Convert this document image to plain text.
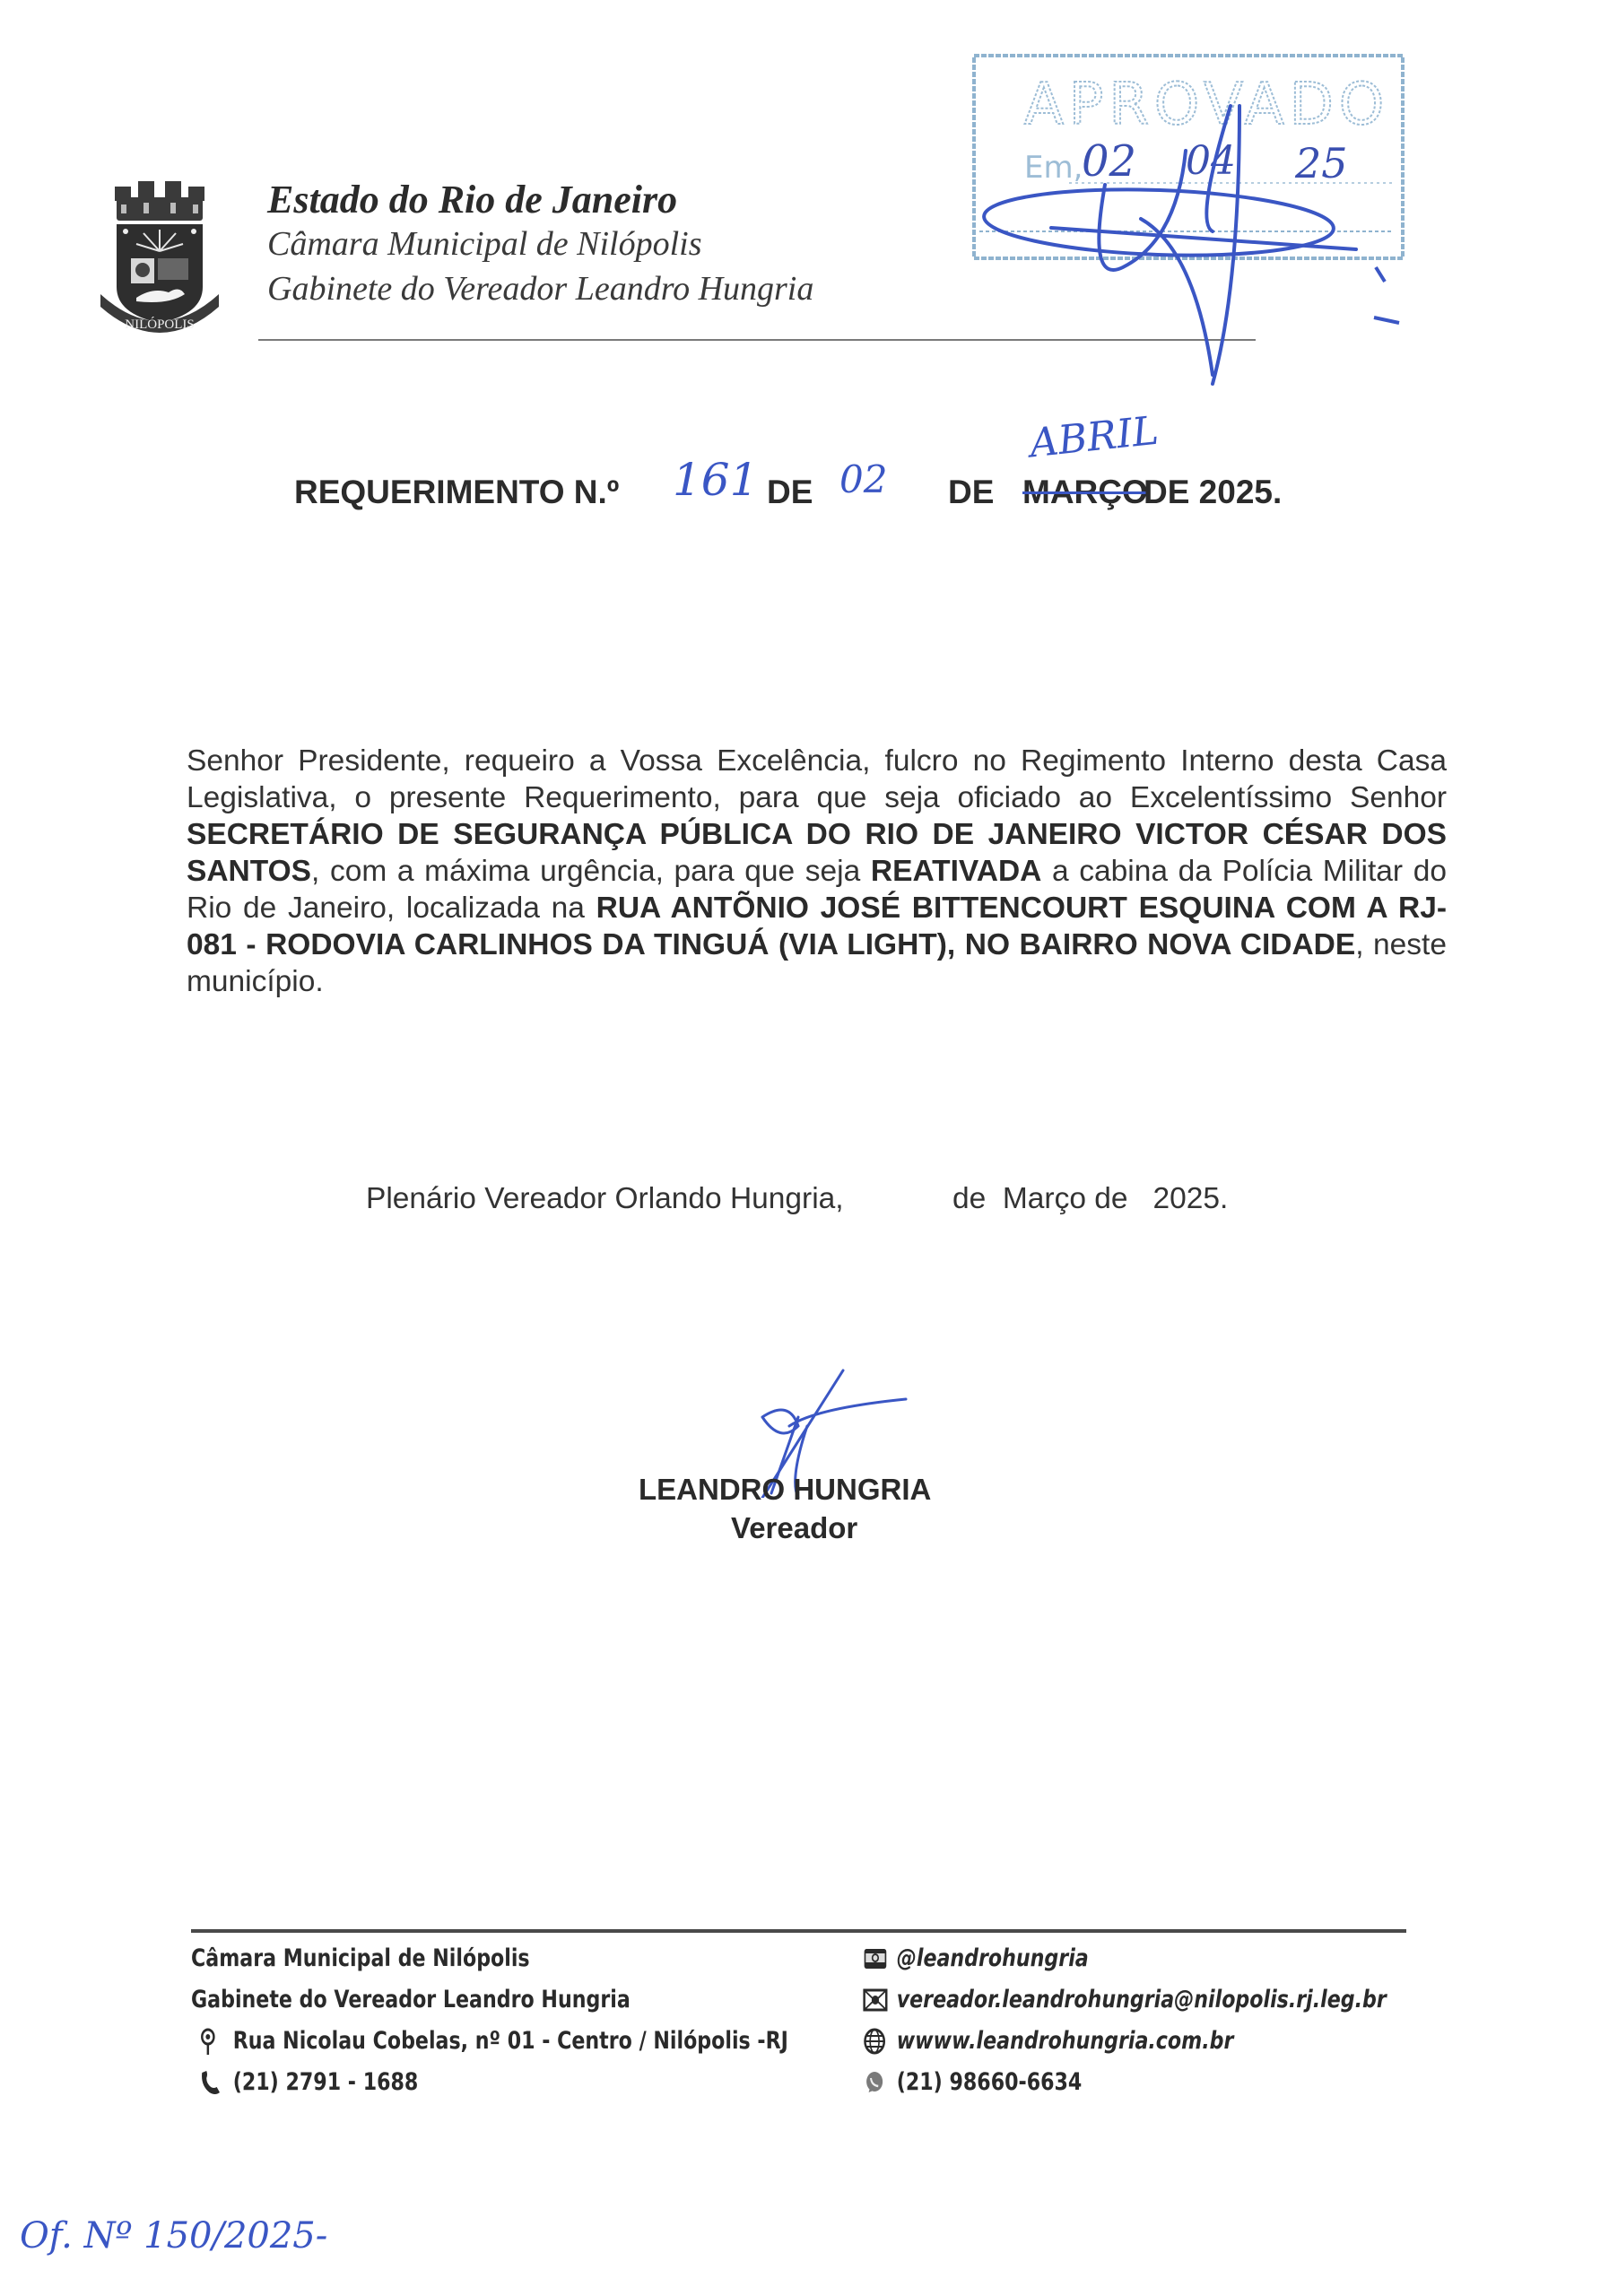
NILÓPOLIS
Estado do Rio de Janeiro
Câmara Municipal de Nilópolis
Gabinete do Vereador Leandro Hungria
APROVADO
Em,
02 04 25
REQUERIMENTO N.º 161 DE 02 DE MARÇO
ABRIL
DE 2025.
Senhor Presidente, requeiro a Vossa Excelência, fulcro no Regimento Interno desta Casa Legislativa, o presente Requerimento, para que seja oficiado ao Excelentíssimo Senhor SECRETÁRIO DE SEGURANÇA PÚBLICA DO RIO DE JANEIRO VICTOR CÉSAR DOS SANTOS, com a máxima urgência, para que seja REATIVADA a cabina da Polícia Militar do Rio de Janeiro, localizada na RUA ANTÕNIO JOSÉ BITTENCOURT ESQUINA COM A RJ-081 - RODOVIA CARLINHOS DA TINGUÁ (VIA LIGHT), NO BAIRRO NOVA CIDADE, neste município.
Plenário Vereador Orlando Hungria,	de  Março de   2025.
LEANDRO HUNGRIA
Vereador
Câmara Municipal de Nilópolis
Gabinete do Vereador Leandro Hungria
Rua Nicolau Cobelas, nº 01 - Centro / Nilópolis -RJ
(21) 2791 - 1688
@leandrohungria
vereador.leandrohungria@nilopolis.rj.leg.br
wwww.leandrohungria.com.br
(21) 98660-6634
Of. Nº 150/2025-
